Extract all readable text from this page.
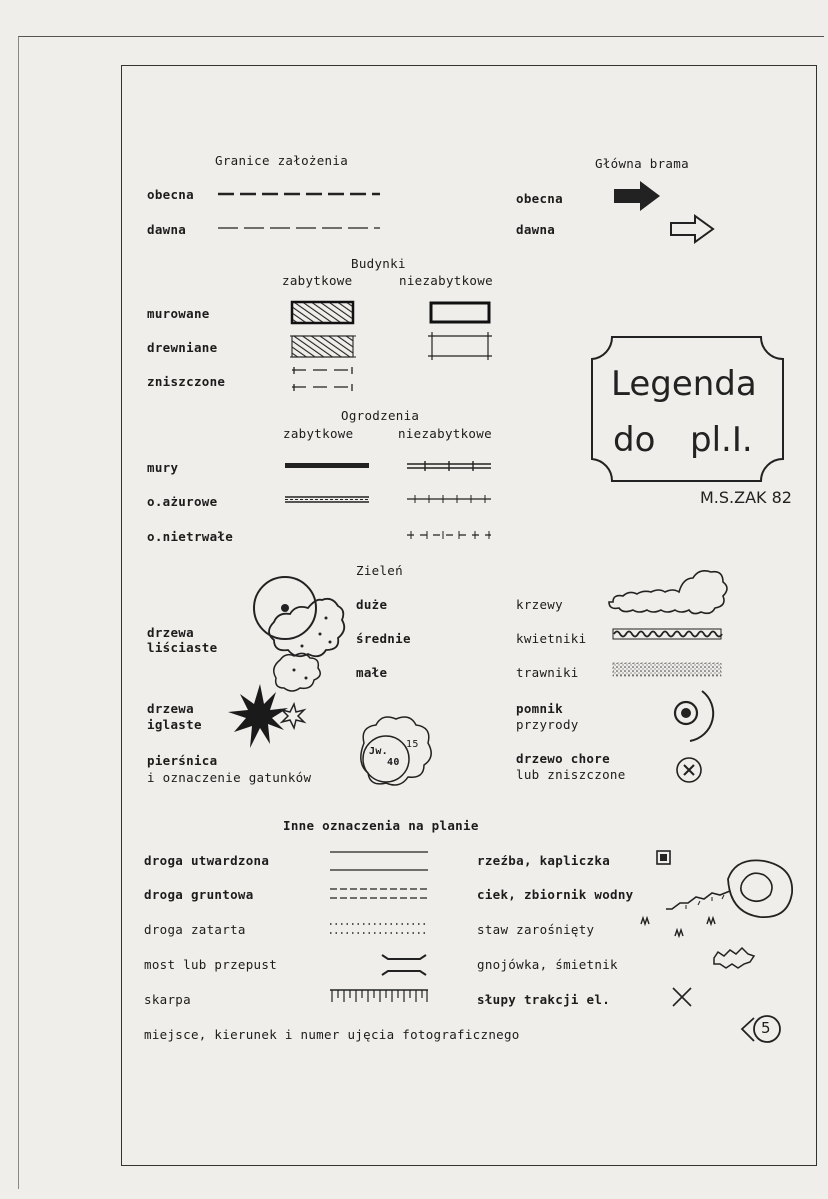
Granice założenia
obecna
dawna
Główna brama
obecna
dawna
Budynki
zabytkowe	niezabytkowe
murowane
drewniane
zniszczone
Ogrodzenia
zabytkowe	niezabytkowe
mury
o.ażurowe
o.nietrwałe
Legenda
do pl.I.
M.S.ZAK 82
Zieleń
duże
średnie
małe
drzewa
liściaste
drzewa
iglaste
pierśnica
i oznaczenie gatunków
Jw.
40
15
krzewy
kwietniki
trawniki
pomnik
przyrody
drzewo chore
lub zniszczone
Inne oznaczenia na planie
droga utwardzona
droga gruntowa
droga zatarta
most lub przepust
skarpa
rzeźba, kapliczka
ciek, zbiornik wodny
staw zarośnięty
gnojówka, śmietnik
słupy trakcji el.
miejsce, kierunek i numer ujęcia fotograficznego	5
